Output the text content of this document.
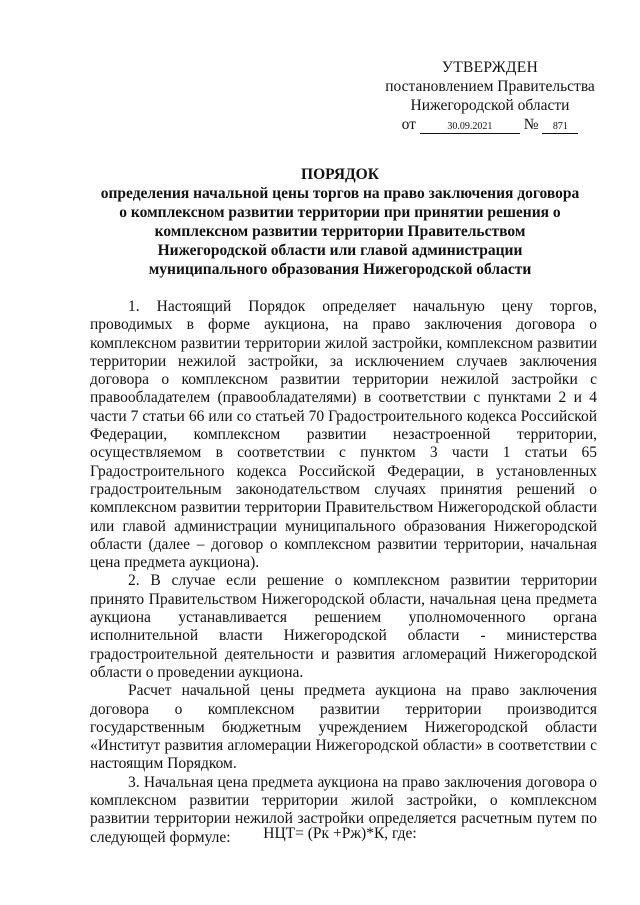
УТВЕРЖДЕН
постановлением Правительства
Нижегородской области
от	30.09.2021 № 871
ПОРЯДОК
определения начальной цены торгов на право заключения договора о комплексном развитии территории при принятии решения о комплексном развитии территории Правительством Нижегородской области или главой администрации муниципального образования Нижегородской области

1. Настоящий Порядок определяет начальную цену торгов, проводимых в форме аукциона, на право заключения договора о комплексном развитии территории жилой застройки, комплексном развитии территории нежилой застройки, за исключением случаев заключения договора о комплексном развитии территории нежилой застройки с правообладателем (правообладателями) в соответствии с пунктами 2 и 4 части 7 статьи 66 или со статьей 70 Градостроительного кодекса Российской Федерации, комплексном развитии незастроенной территории, осуществляемом в соответствии с пунктом 3 части 1 статьи 65 Градостроительного кодекса Российской Федерации, в установленных градостроительным законодательством случаях принятия решений о комплексном развитии территории Правительством Нижегородской области или главой администрации муниципального образования Нижегородской области (далее – договор о комплексном развитии территории, начальная цена предмета аукциона).

2. В случае если решение о комплексном развитии территории принято Правительством Нижегородской области, начальная цена предмета аукциона устанавливается решением уполномоченного органа исполнительной власти Нижегородской области - министерства градостроительной деятельности и развития агломераций Нижегородской области о проведении аукциона.

Расчет начальной цены предмета аукциона на право заключения договора о комплексном развитии территории производится государственным бюджетным учреждением Нижегородской области «Институт развития агломерации Нижегородской области» в соответствии с настоящим Порядком.

3. Начальная цена предмета аукциона на право заключения договора о комплексном развитии территории жилой застройки, о комплексном развитии территории нежилой застройки определяется расчетным путем по следующей формуле:	НЦТ= (Рк +Рж)*К, где:
